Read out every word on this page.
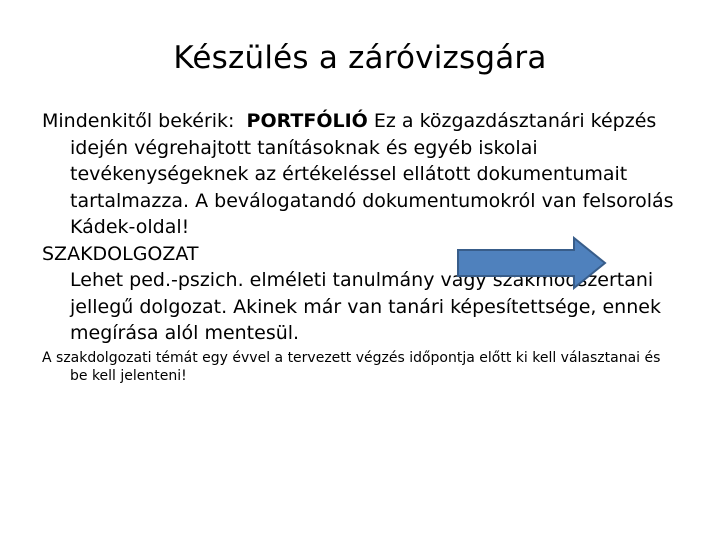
Készülés a záróvizsgára

Mindenkitől bekérik: PORTFÓLIÓ Ez a közgazdásztanári képzés idején végrehajtott tanításoknak és egyéb iskolai tevékenységeknek az értékeléssel ellátott dokumentumait tartalmazza. A beválogatandó dokumentumokról van felsorolás

Kádek-oldal!

SZAKDOLGOZAT

Lehet ped.-pszich. elméleti tanulmány vagy szakmódszertani jellegű dolgozat. Akinek már van tanári képesítettsége, ennek megírása alól mentesül.

A szakdolgozati témát egy évvel a tervezett végzés időpontja előtt ki kell választanai és be kell jelenteni!
